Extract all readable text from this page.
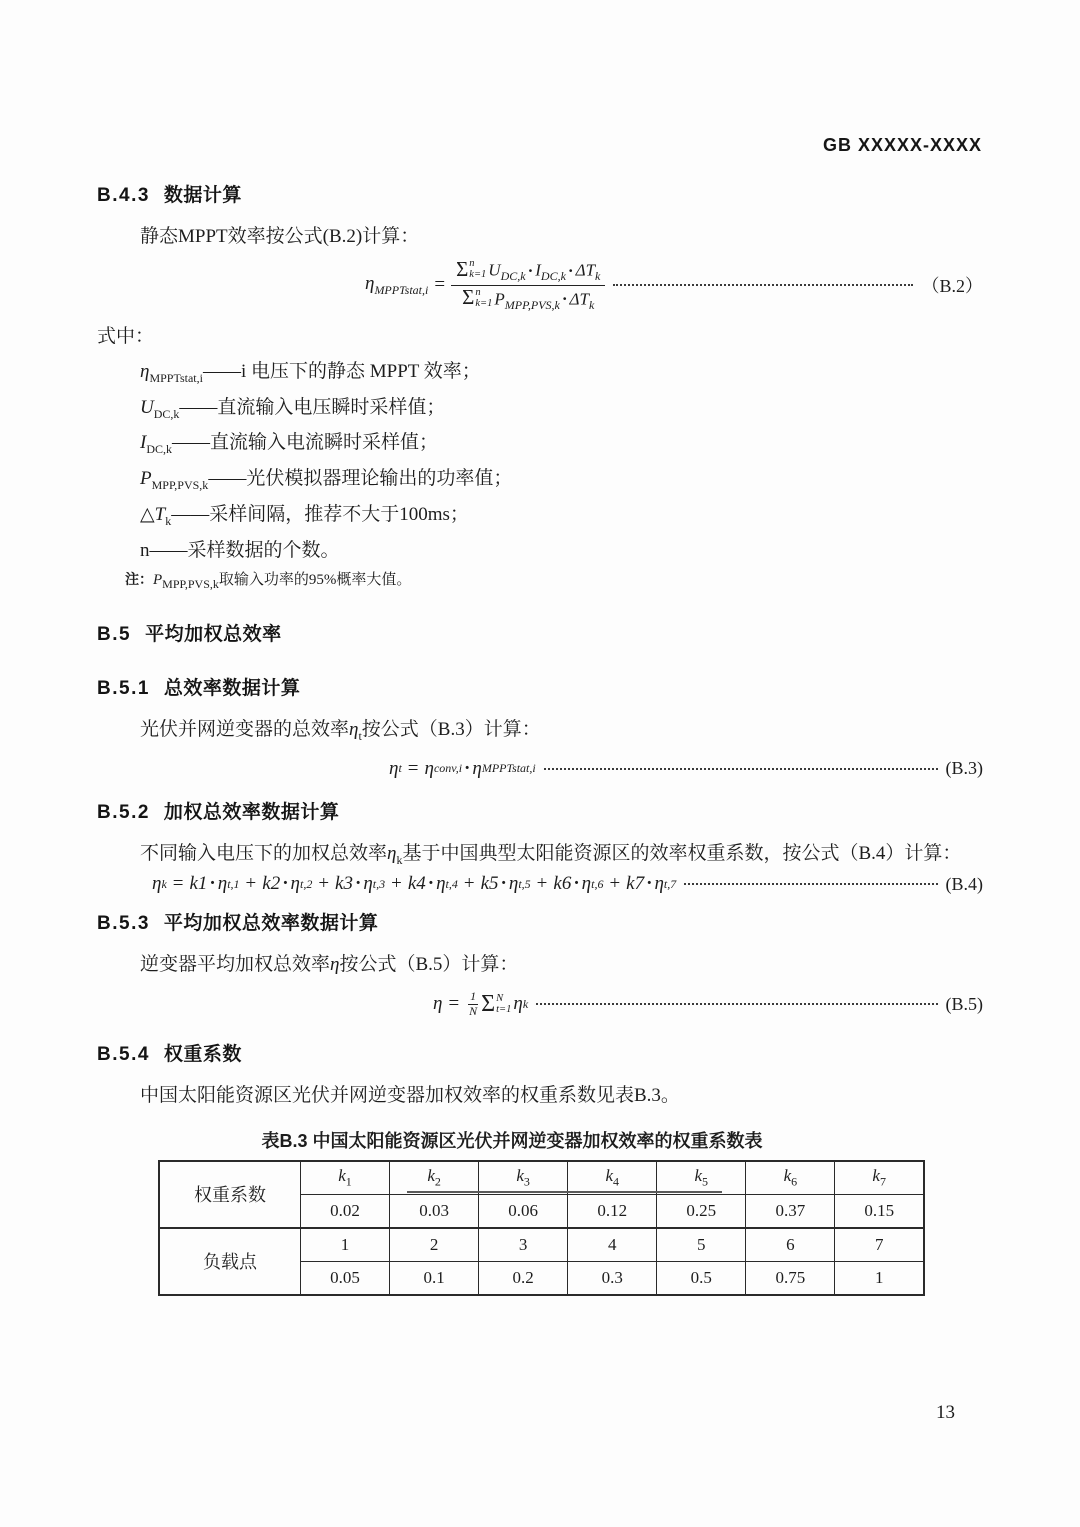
GB XXXXX-XXXX
B.4.3 数据计算

静态MPPT效率按公式(B.2)计算：

$\eta_{MPPTstat,i} = \Sigma$ n
k=1 $U_{DC,k} \cdot I_{DC,k} \cdot \Delta T_k$
Σ n
k=1 $P_{MPP,PVS,k} \cdot \Delta T_k$	（B.2）

式中：

$\eta_{MPPTstat,i}——i$ 电压下的静态 MPPT 效率；
$U_{DC,k}——$直流输入电压瞬时采样值；
$I_{DC,k}——$直流输入电流瞬时采样值；
$P_{MPP,PVS,k}——$光伏模拟器理论输出的功率值；
$\triangle T_k——$采样间隔，推荐不大于100ms；
n——采样数据的个数。

注：$P_{MPP,PVS,k}$取输入功率的95%概率大值。

B.5 平均加权总效率
B.5.1 总效率数据计算

光伏并网逆变器的总效率$\eta_t$按公式（B.3）计算：

η t = η conv,i · η MPPTstat,i	(B.3)
B.5.2 加权总效率数据计算

不同输入电压下的加权总效率$\eta_k$基于中国典型太阳能资源区的效率权重系数，按公式（B.4）计算：

η k = k1 · η t,1 + k2 · η t,2 + k3 · η t,3 + k4 · η t,4 + k5 · η t,5 + k6 · η t,6 + k7 · η t,7	(B.4)
B.5.3 平均加权总效率数据计算

逆变器平均加权总效率η按公式（B.5）计算：

$\eta = \frac{1}{N}$ Σ N
t=1 η k	(B.5)
B.5.4 权重系数

中国太阳能资源区光伏并网逆变器加权效率的权重系数见表B.3。

表B.3 中国太阳能资源区光伏并网逆变器加权效率的权重系数表
权重系数	$k_1$	$k_2$	$k_3$	$k_4$	$k_5$	$k_6$	$k_7$
	0.02	0.03	0.06	0.12	0.25	0.37	0.15
负载点	1	2	3	4	5	6	7
	0.05	0.1	0.2	0.3	0.5	0.75	1
13
